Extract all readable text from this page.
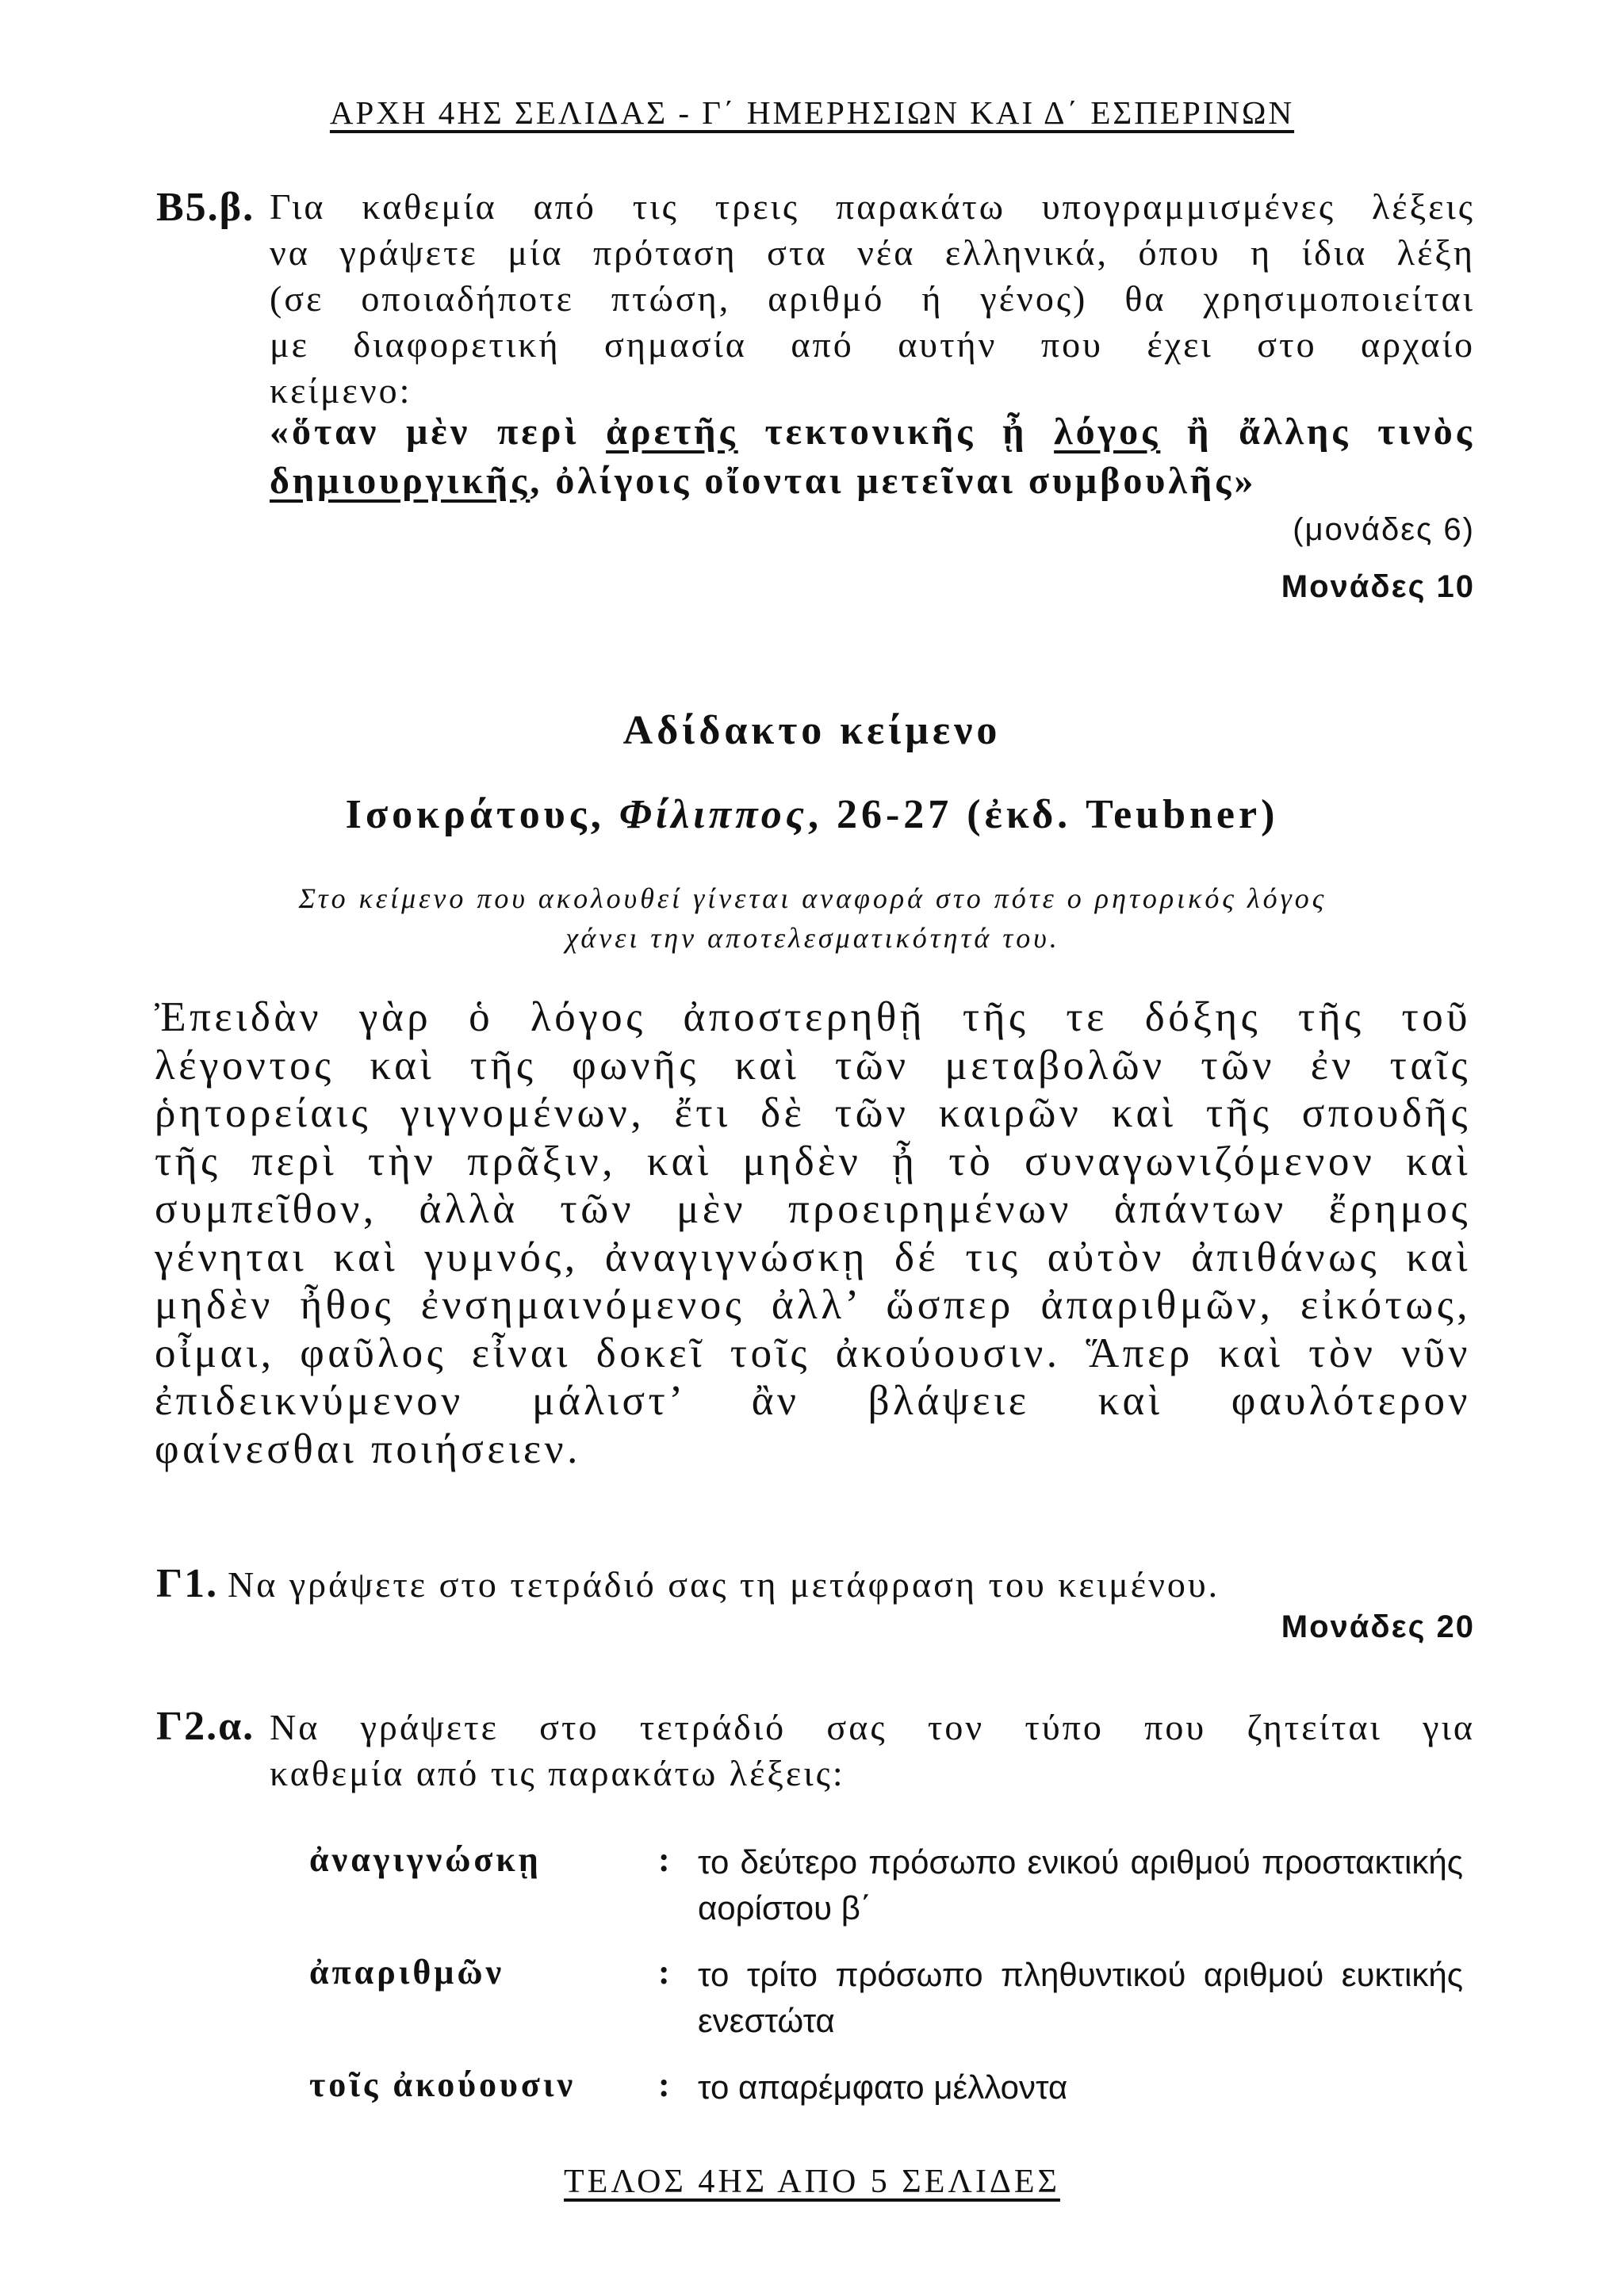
ΑΡΧΗ 4ΗΣ ΣΕΛΙΔΑΣ - Γ΄ ΗΜΕΡΗΣΙΩΝ ΚΑΙ Δ΄ ΕΣΠΕΡΙΝΩΝ
Β5.β. Για καθεμία από τις τρεις παρακάτω υπογραμμισμένες λέξεις
να γράψετε μία πρόταση στα νέα ελληνικά, όπου η ίδια λέξη
(σε οποιαδήποτε πτώση, αριθμό ή γένος) θα χρησιμοποιείται
με διαφορετική σημασία από αυτήν που έχει στο αρχαίο
κείμενο:
«ὅταν μὲν περὶ ἀρετῆς τεκτονικῆς ᾖ λόγος ἢ ἄλλης τινὸς
δημιουργικῆς, ὀλίγοις οἴονται μετεῖναι συμβουλῆς»
(μονάδες 6)
Μονάδες 10
Αδίδακτο κείμενο
Ισοκράτους, Φίλιππος, 26-27 (ἐκδ. Teubner)
Στο κείμενο που ακολουθεί γίνεται αναφορά στο πότε ο ρητορικός λόγος
χάνει την αποτελεσματικότητά του.
Ἐπειδὰν γὰρ ὁ λόγος ἀποστερηθῇ τῆς τε δόξης τῆς τοῦ
λέγοντος καὶ τῆς φωνῆς καὶ τῶν μεταβολῶν τῶν ἐν ταῖς
ῥητορείαις γιγνομένων, ἔτι δὲ τῶν καιρῶν καὶ τῆς σπουδῆς
τῆς περὶ τὴν πρᾶξιν, καὶ μηδὲν ᾖ τὸ συναγωνιζόμενον καὶ
συμπεῖθον, ἀλλὰ τῶν μὲν προειρημένων ἁπάντων ἔρημος
γένηται καὶ γυμνός, ἀναγιγνώσκῃ δέ τις αὐτὸν ἀπιθάνως καὶ
μηδὲν ἦθος ἐνσημαινόμενος ἀλλ’ ὥσπερ ἀπαριθμῶν, εἰκότως,
οἶμαι, φαῦλος εἶναι δοκεῖ τοῖς ἀκούουσιν. Ἅπερ καὶ τὸν νῦν
ἐπιδεικνύμενον μάλιστ’ ἂν βλάψειε καὶ φαυλότερον
φαίνεσθαι ποιήσειεν.
Γ1. Να γράψετε στο τετράδιό σας τη μετάφραση του κειμένου.
Μονάδες 20
Γ2.α. Να γράψετε στο τετράδιό σας τον τύπο που ζητείται για
καθεμία από τις παρακάτω λέξεις:
ἀναγιγνώσκῃ	: το δεύτερο πρόσωπο ενικού αριθμού προστακτικής αορίστου β΄
ἀπαριθμῶν	: το τρίτο πρόσωπο πληθυντικού αριθμού ευκτικής ενεστώτα
τοῖς ἀκούουσιν	: το απαρέμφατο μέλλοντα
ΤΕΛΟΣ 4ΗΣ ΑΠΟ 5 ΣΕΛΙΔΕΣ
